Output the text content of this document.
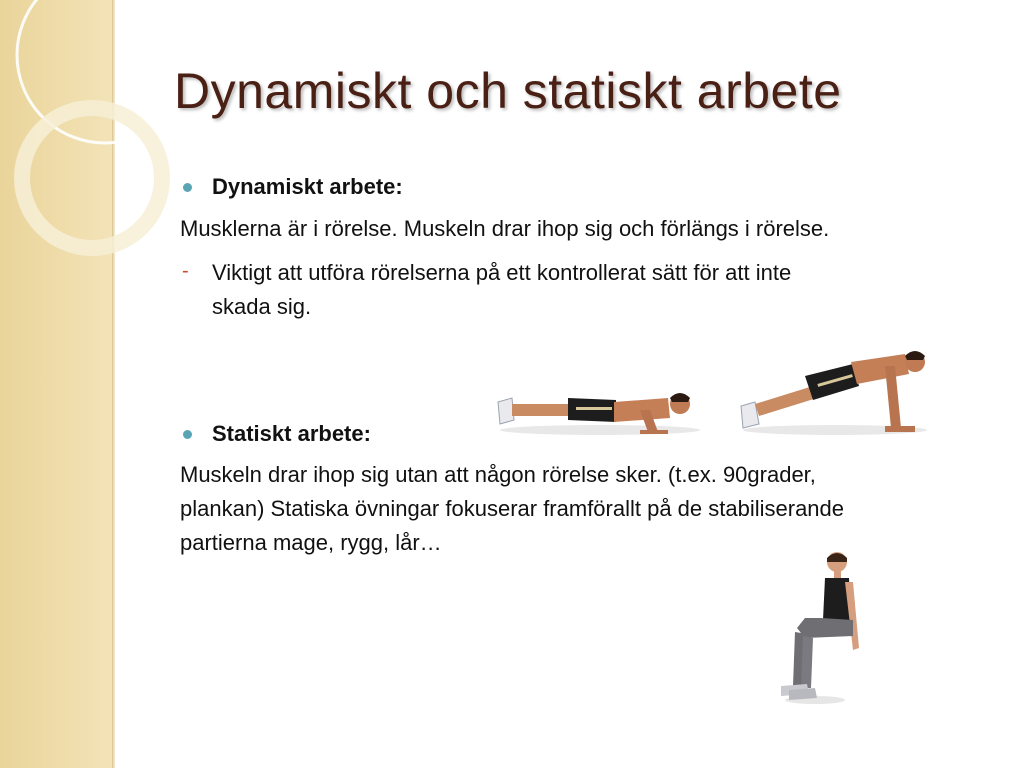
Dynamiskt och statiskt arbete
Dynamiskt arbete:
Musklerna är i rörelse. Muskeln drar ihop sig och förlängs i rörelse.
- Viktigt att utföra rörelserna på ett kontrollerat sätt för att inte
skada sig.
Statiskt arbete:
Muskeln drar ihop sig utan att någon rörelse sker. (t.ex. 90grader,
plankan) Statiska övningar fokuserar framförallt på de stabiliserande
partierna mage, rygg, lår…
